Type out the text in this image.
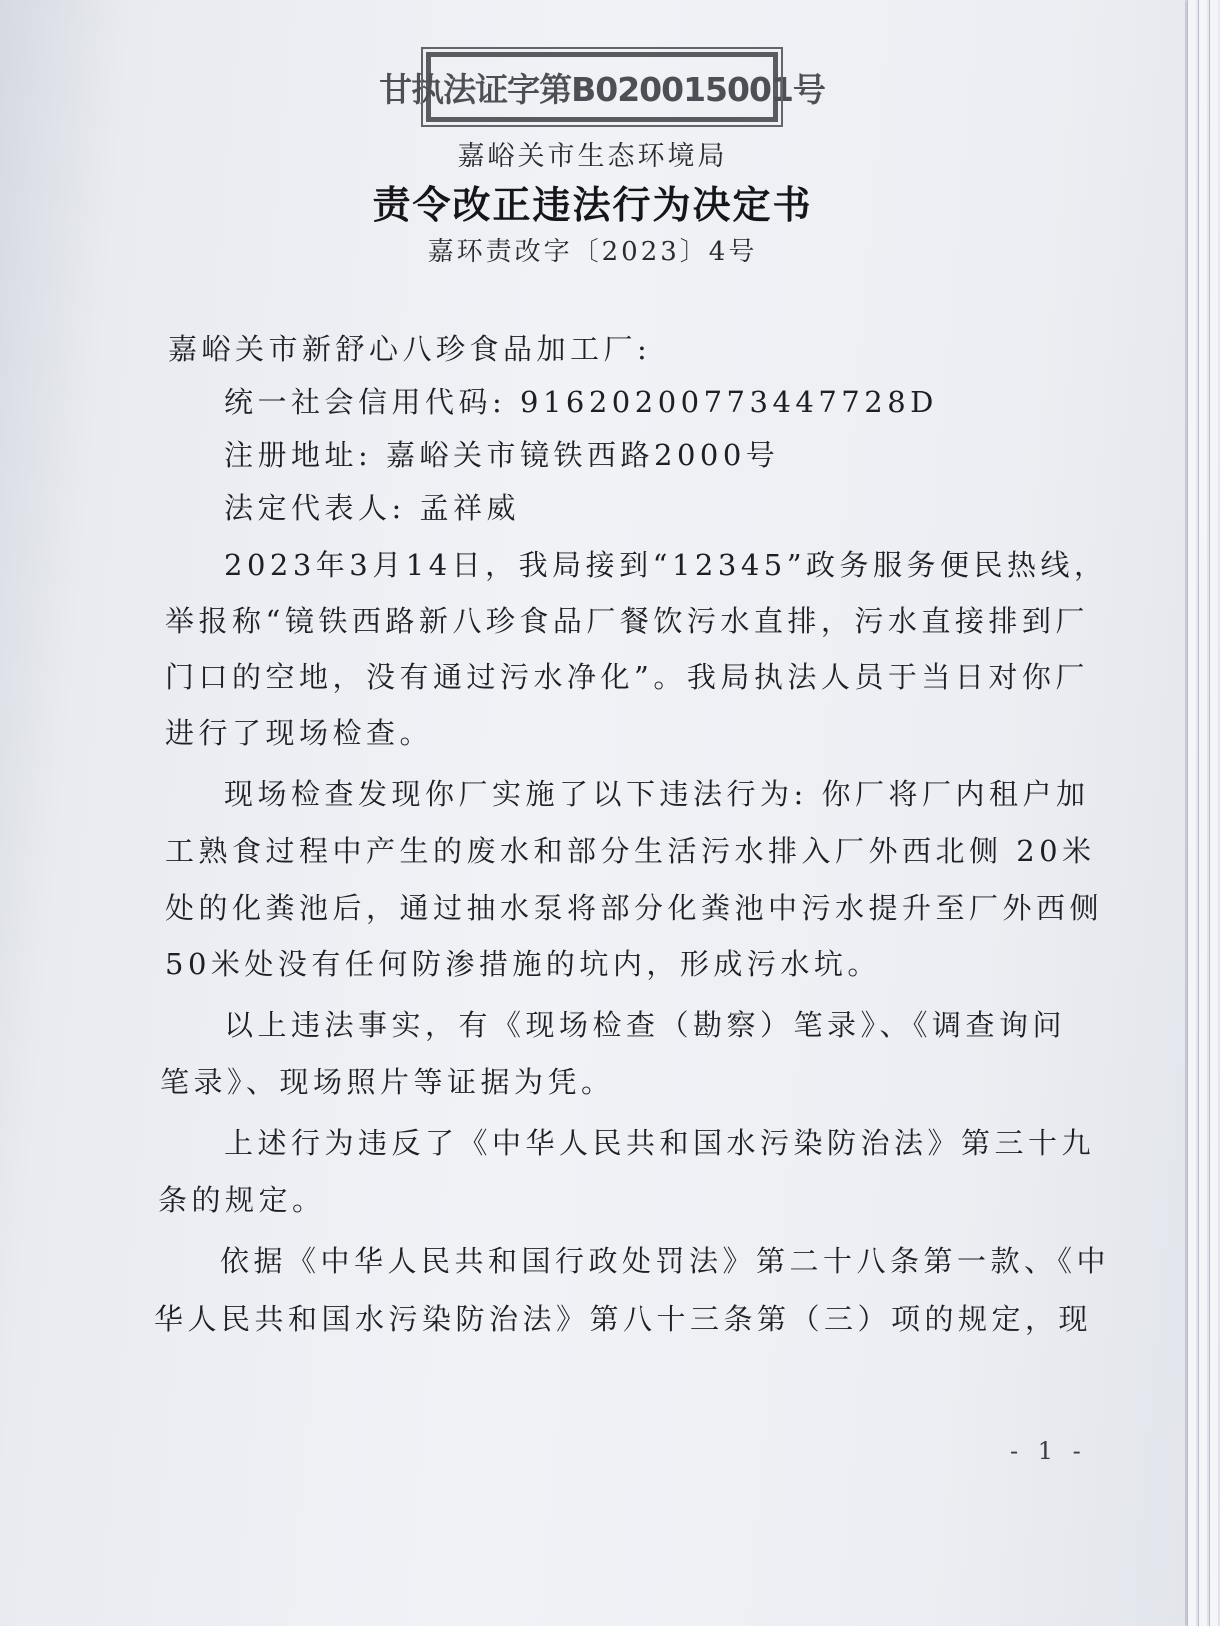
甘执法证字第B020015001号
嘉峪关市生态环境局
责令改正违法行为决定书
嘉环责改字〔2023〕4号
嘉峪关市新舒心八珍食品加工厂:
统一社会信用代码: 91620200773447728D
注册地址: 嘉峪关市镜铁西路2000号
法定代表人: 孟祥威
2023年3月14日，我局接到“12345”政务服务便民热线，
举报称“镜铁西路新八珍食品厂餐饮污水直排，污水直接排到厂
门口的空地，没有通过污水净化”。我局执法人员于当日对你厂
进行了现场检查。
现场检查发现你厂实施了以下违法行为: 你厂将厂内租户加
工熟食过程中产生的废水和部分生活污水排入厂外西北侧 20米
处的化粪池后，通过抽水泵将部分化粪池中污水提升至厂外西侧
50米处没有任何防渗措施的坑内，形成污水坑。
以上违法事实，有《现场检查（勘察）笔录》、《调查询问
笔录》、现场照片等证据为凭。
上述行为违反了《中华人民共和国水污染防治法》第三十九
条的规定。
依据《中华人民共和国行政处罚法》第二十八条第一款、《中
华人民共和国水污染防治法》第八十三条第（三）项的规定，现
- 1 -
